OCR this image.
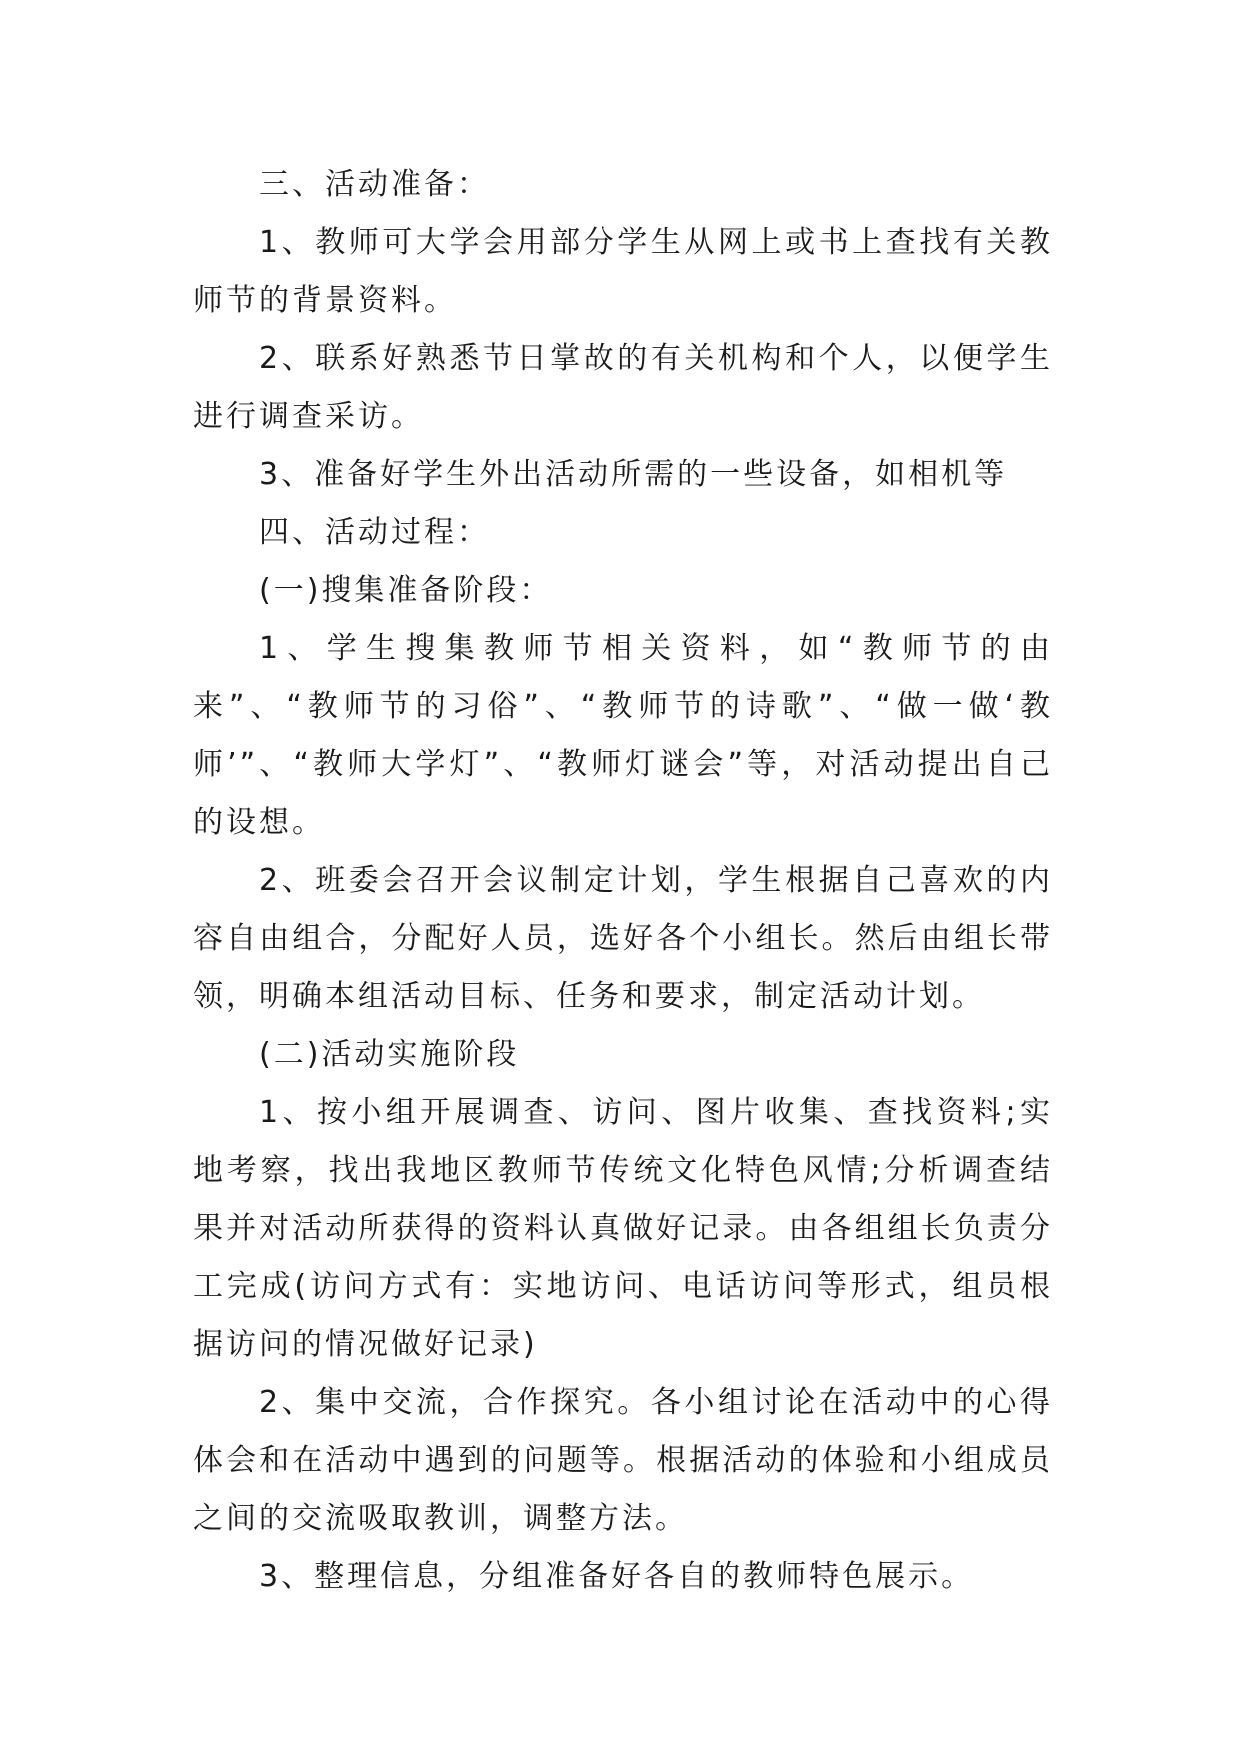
三、活动准备：

1、教师可大学会用部分学生从网上或书上查找有关教师节的背景资料。

2、联系好熟悉节日掌故的有关机构和个人，以便学生进行调查采访。

3、准备好学生外出活动所需的一些设备，如相机等

四、活动过程：

(一)搜集准备阶段：

1、学生搜集教师节相关资料，如“教师节的由来”、“教师节的习俗”、“教师节的诗歌”、“做一做‘教师’”、“教师大学灯”、“教师灯谜会”等，对活动提出自己的设想。

2、班委会召开会议制定计划，学生根据自己喜欢的内容自由组合，分配好人员，选好各个小组长。然后由组长带领，明确本组活动目标、任务和要求，制定活动计划。

(二)活动实施阶段

1、按小组开展调查、访问、图片收集、查找资料;实地考察，找出我地区教师节传统文化特色风情;分析调查结果并对活动所获得的资料认真做好记录。由各组组长负责分工完成(访问方式有：实地访问、电话访问等形式，组员根据访问的情况做好记录)

2、集中交流，合作探究。各小组讨论在活动中的心得体会和在活动中遇到的问题等。根据活动的体验和小组成员之间的交流吸取教训，调整方法。

3、整理信息，分组准备好各自的教师特色展示。
